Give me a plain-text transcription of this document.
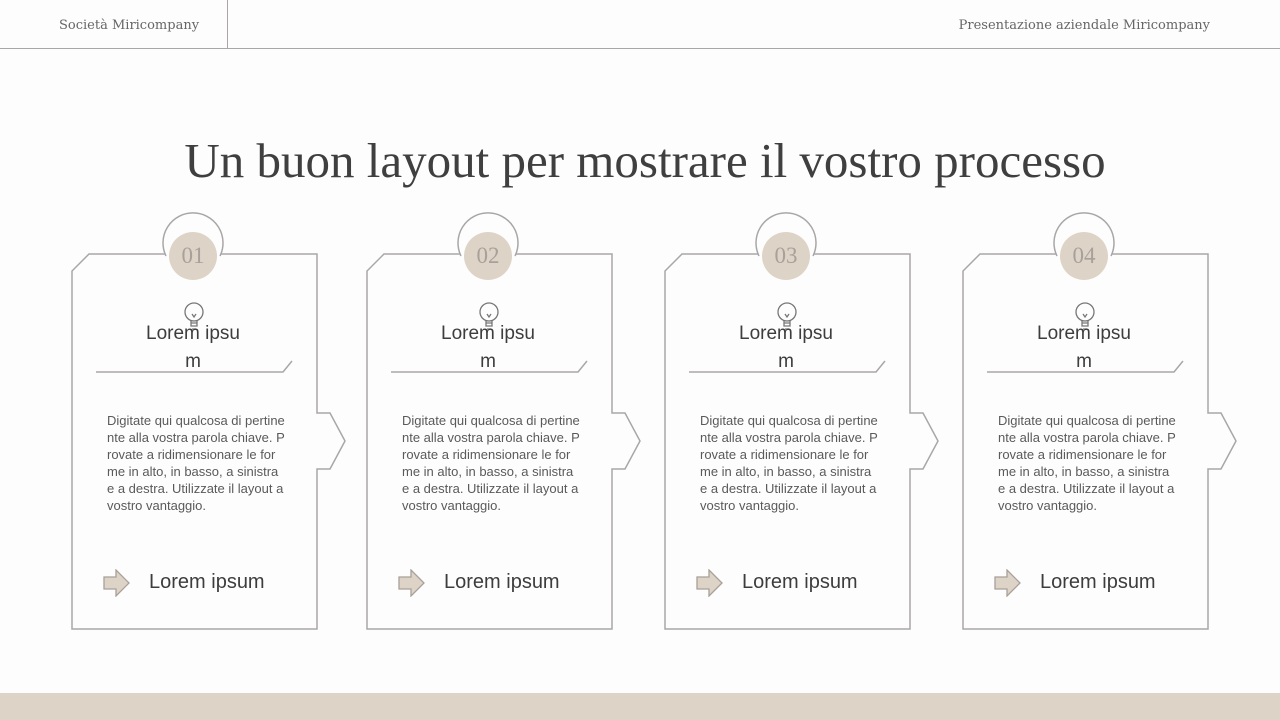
Società Miricompany	Presentazione aziendale Miricompany
Un buon layout per mostrare il vostro processo
01
Lorem ipsum
Digitate qui qualcosa di pertinente alla vostra parola chiave. Provate a ridimensionare le forme in alto, in basso, a sinistra e a destra. Utilizzate il layout a vostro vantaggio.
Lorem ipsum
02
Lorem ipsum
Digitate qui qualcosa di pertinente alla vostra parola chiave. Provate a ridimensionare le forme in alto, in basso, a sinistra e a destra. Utilizzate il layout a vostro vantaggio.
Lorem ipsum
03
Lorem ipsum
Digitate qui qualcosa di pertinente alla vostra parola chiave. Provate a ridimensionare le forme in alto, in basso, a sinistra e a destra. Utilizzate il layout a vostro vantaggio.
Lorem ipsum
04
Lorem ipsum
Digitate qui qualcosa di pertinente alla vostra parola chiave. Provate a ridimensionare le forme in alto, in basso, a sinistra e a destra. Utilizzate il layout a vostro vantaggio.
Lorem ipsum
